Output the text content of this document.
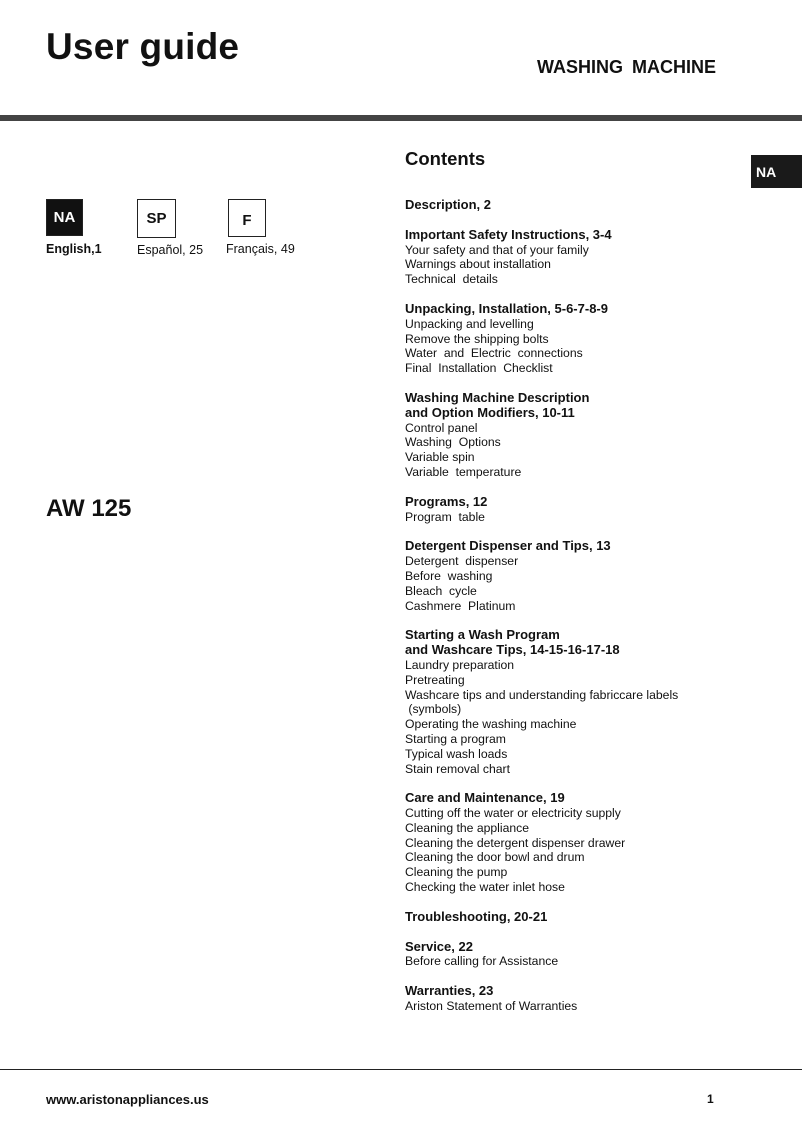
User guide	WASHING MACHINE
NA
NA
English,1
SP
Español, 25
F
Français, 49
AW 125
Contents
Description, 2
Important Safety Instructions, 3-4
Your safety and that of your family
Warnings about installation
Technical  details
Unpacking, Installation, 5-6-7-8-9
Unpacking and levelling
Remove the shipping bolts
Water  and  Electric  connections
Final  Installation  Checklist
Washing Machine Description
and Option Modifiers, 10-11
Control panel
Washing  Options
Variable spin
Variable  temperature
Programs, 12
Program  table
Detergent Dispenser and Tips, 13
Detergent  dispenser
Before  washing
Bleach  cycle
Cashmere  Platinum
Starting a Wash Program
and Washcare Tips, 14-15-16-17-18
Laundry preparation
Pretreating
Washcare tips and understanding fabriccare labels
(symbols)
Operating the washing machine
Starting a program
Typical wash loads
Stain removal chart
Care and Maintenance, 19
Cutting off the water or electricity supply
Cleaning the appliance
Cleaning the detergent dispenser drawer
Cleaning the door bowl and drum
Cleaning the pump
Checking the water inlet hose
Troubleshooting, 20-21
Service, 22
Before calling for Assistance
Warranties, 23
Ariston Statement of Warranties
www.aristonappliances.us	1
